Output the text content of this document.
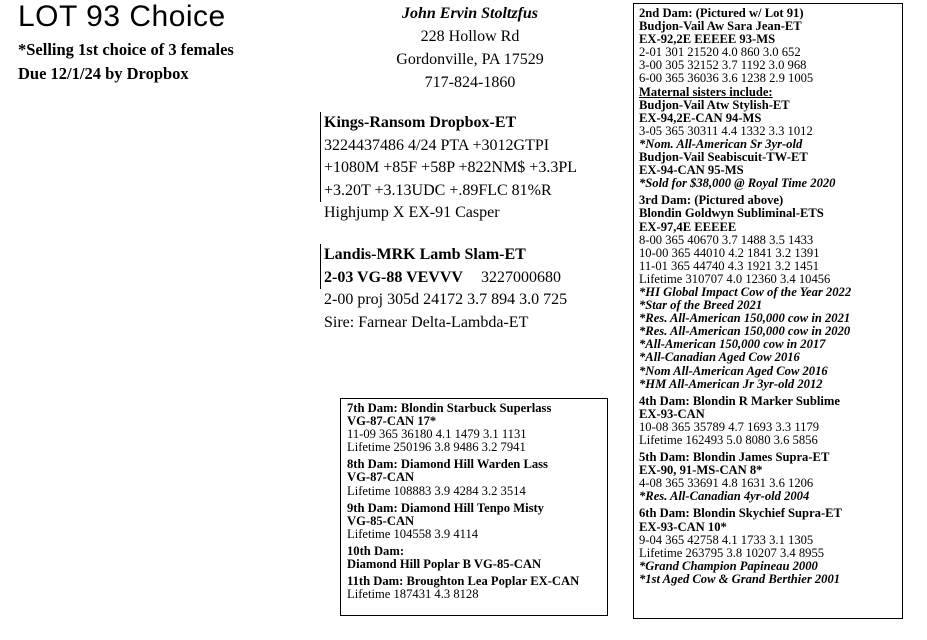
LOT 93 Choice
*Selling 1st choice of 3 females
Due 12/1/24 by Dropbox
John Ervin Stoltzfus
228 Hollow Rd
Gordonville, PA 17529
717-824-1860
Kings-Ransom Dropbox-ET
3224437486 4/24 PTA +3012GTPI
+1080M +85F +58P +822NM$ +3.3PL
+3.20T +3.13UDC +.89FLC 81%R
Highjump X EX-91 Casper
Landis-MRK Lamb Slam-ET
2-03 VG-88 VEVVV 3227000680
2-00 proj 305d 24172 3.7 894 3.0 725
Sire: Farnear Delta-Lambda-ET
7th Dam: Blondin Starbuck Superlass
VG-87-CAN 17*
11-09 365 36180 4.1 1479 3.1 1131
Lifetime 250196 3.8 9486 3.2 7941
8th Dam: Diamond Hill Warden Lass
VG-87-CAN
Lifetime 108883 3.9 4284 3.2 3514
9th Dam: Diamond Hill Tenpo Misty
VG-85-CAN
Lifetime 104558 3.9 4114
10th Dam:
Diamond Hill Poplar B VG-85-CAN
11th Dam: Broughton Lea Poplar EX-CAN
Lifetime 187431 4.3 8128
2nd Dam: (Pictured w/ Lot 91)
Budjon-Vail Aw Sara Jean-ET
EX-92,2E EEEEE 93-MS
2-01 301 21520 4.0 860 3.0 652
3-00 305 32152 3.7 1192 3.0 968
6-00 365 36036 3.6 1238 2.9 1005
Maternal sisters include:
Budjon-Vail Atw Stylish-ET
EX-94,2E-CAN 94-MS
3-05 365 30311 4.4 1332 3.3 1012
*Nom. All-American Sr 3yr-old
Budjon-Vail Seabiscuit-TW-ET
EX-94-CAN 95-MS
*Sold for $38,000 @ Royal Time 2020
3rd Dam: (Pictured above)
Blondin Goldwyn Subliminal-ETS
EX-97,4E EEEEE
8-00 365 40670 3.7 1488 3.5 1433
10-00 365 44010 4.2 1841 3.2 1391
11-01 365 44740 4.3 1921 3.2 1451
Lifetime 310707 4.0 12360 3.4 10456
*HI Global Impact Cow of the Year 2022
*Star of the Breed 2021
*Res. All-American 150,000 cow in 2021
*Res. All-American 150,000 cow in 2020
*All-American 150,000 cow in 2017
*All-Canadian Aged Cow 2016
*Nom All-American Aged Cow 2016
*HM All-American Jr 3yr-old 2012
4th Dam: Blondin R Marker Sublime
EX-93-CAN
10-08 365 35789 4.7 1693 3.3 1179
Lifetime 162493 5.0 8080 3.6 5856
5th Dam: Blondin James Supra-ET
EX-90, 91-MS-CAN 8*
4-08 365 33691 4.8 1631 3.6 1206
*Res. All-Canadian 4yr-old 2004
6th Dam: Blondin Skychief Supra-ET
EX-93-CAN 10*
9-04 365 42758 4.1 1733 3.1 1305
Lifetime 263795 3.8 10207 3.4 8955
*Grand Champion Papineau 2000
*1st Aged Cow & Grand Berthier 2001
